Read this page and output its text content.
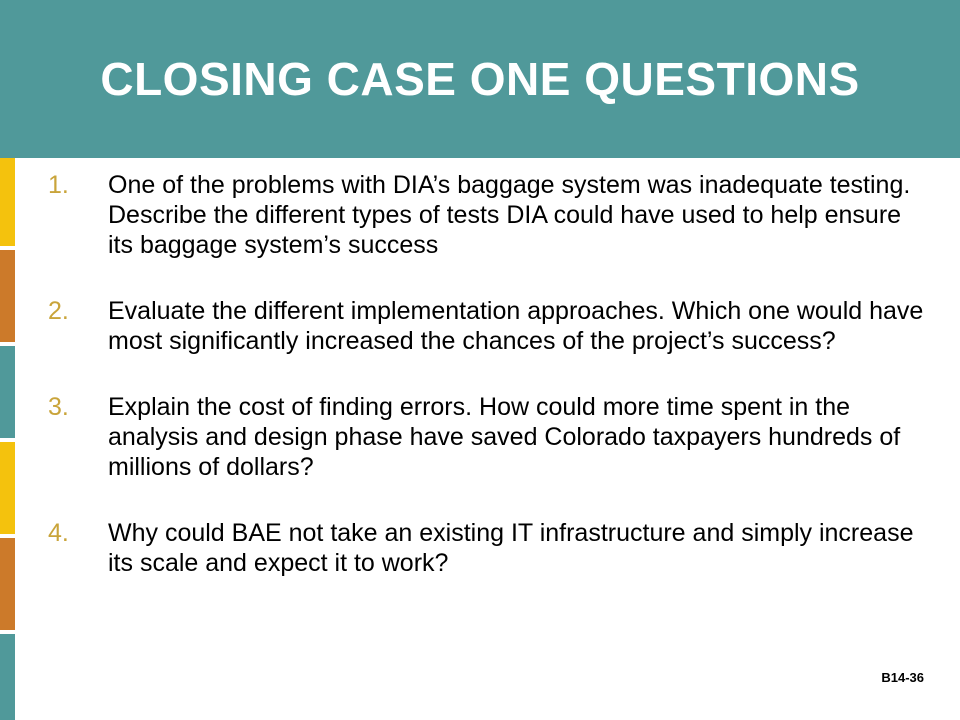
CLOSING CASE ONE QUESTIONS
1. One of the problems with DIA’s baggage system was inadequate testing. Describe the different types of tests DIA could have used to help ensure its baggage system’s success
2. Evaluate the different implementation approaches. Which one would have most significantly increased the chances of the project’s success?
3. Explain the cost of finding errors. How could more time spent in the analysis and design phase have saved Colorado taxpayers hundreds of millions of dollars?
4. Why could BAE not take an existing IT infrastructure and simply increase its scale and expect it to work?
B14-36
